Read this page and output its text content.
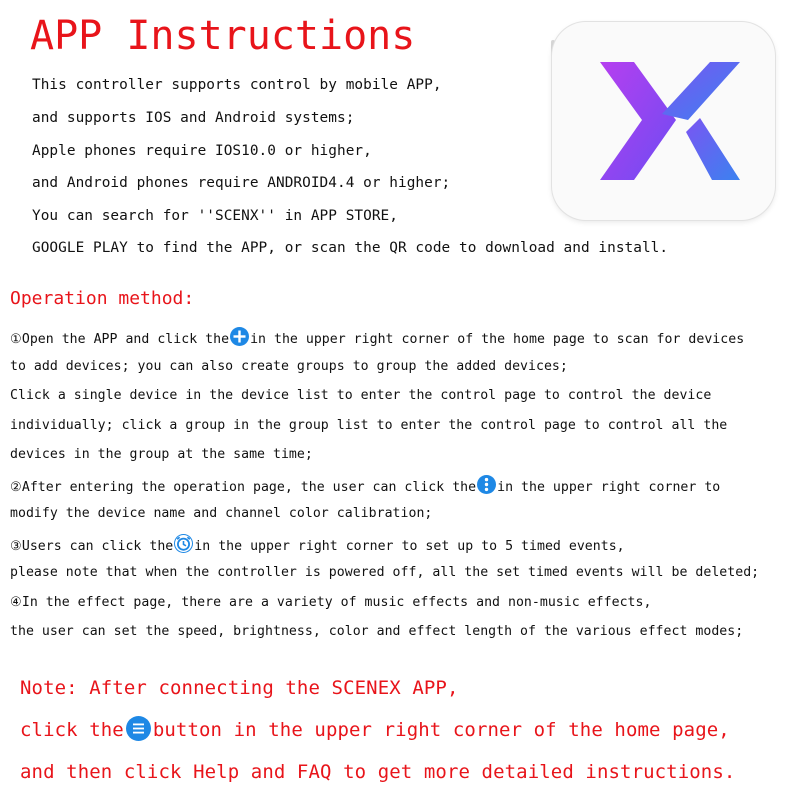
APP Instructions
This controller supports control by mobile APP,
and supports IOS and Android systems;
Apple phones require IOS10.0 or higher,
and Android phones require ANDROID4.4 or higher;
You can search for ''SCENX'' in APP STORE,
GOOGLE PLAY to find the APP, or scan the QR code to download and install.
Operation method:
①Open the APP and click the in the upper right corner of the home page to scan for devices
to add devices; you can also create groups to group the added devices;
Click a single device in the device list to enter the control page to control the device
individually; click a group in the group list to enter the control page to control all the
devices in the group at the same time;
②After entering the operation page, the user can click the in the upper right corner to
modify the device name and channel color calibration;
③Users can click the in the upper right corner to set up to 5 timed events,
please note that when the controller is powered off, all the set timed events will be deleted;
④In the effect page, there are a variety of music effects and non-music effects,
the user can set the speed, brightness, color and effect length of the various effect modes;
Note: After connecting the SCENEX APP,
click the button in the upper right corner of the home page,
and then click Help and FAQ to get more detailed instructions.
